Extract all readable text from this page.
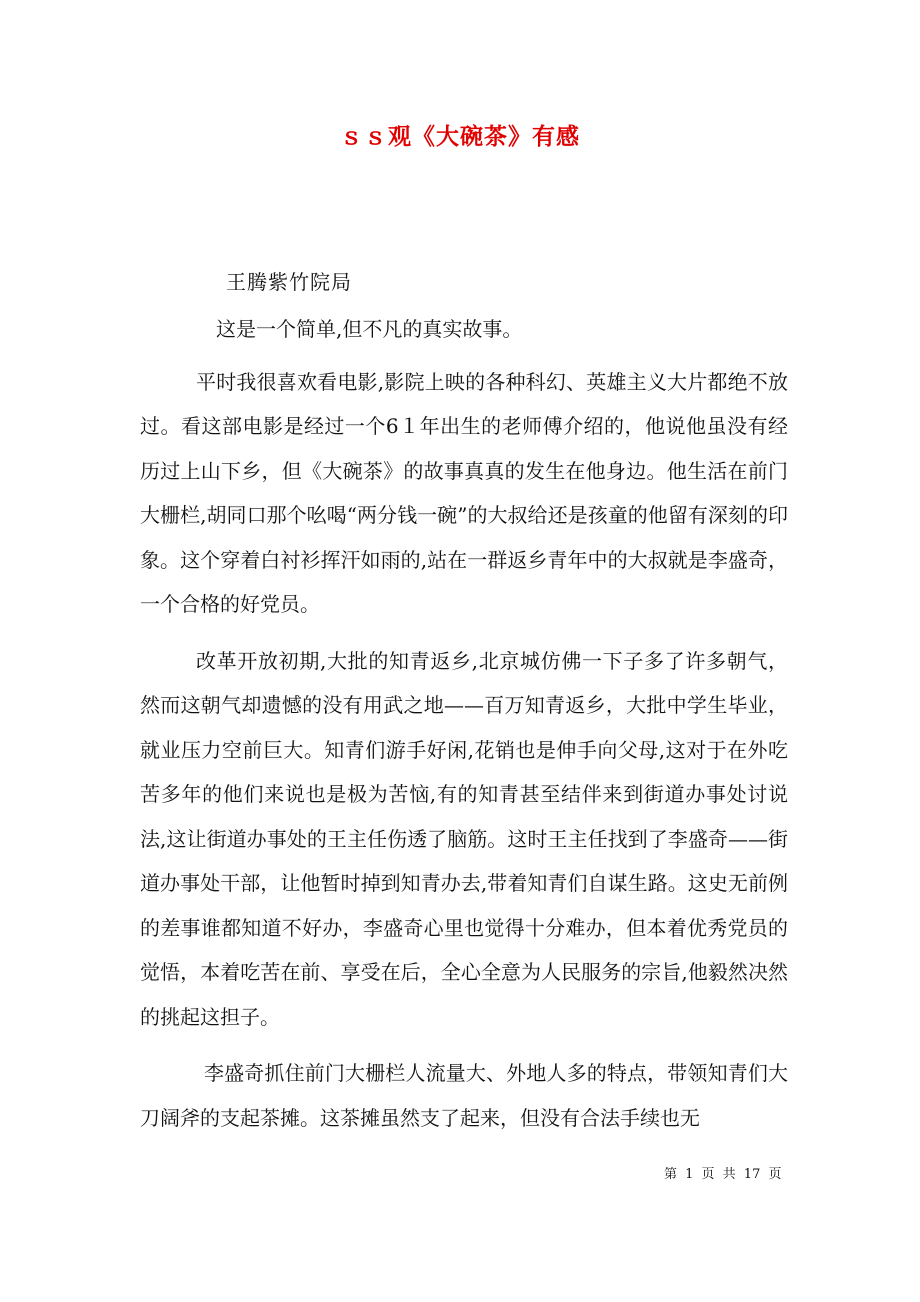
ｓｓ观《大碗茶》有感
王腾紫竹院局

这是一个简单,但不凡的真实故事。

平时我很喜欢看电影,影院上映的各种科幻、英雄主义大片都绝不放过。看这部电影是经过一个6１年出生的老师傅介绍的，他说他虽没有经历过上山下乡，但《大碗茶》的故事真真的发生在他身边。他生活在前门大栅栏,胡同口那个吆喝“两分钱一碗”的大叔给还是孩童的他留有深刻的印象。这个穿着白衬衫挥汗如雨的,站在一群返乡青年中的大叔就是李盛奇，一个合格的好党员。

改革开放初期,大批的知青返乡,北京城仿佛一下子多了许多朝气，然而这朝气却遗憾的没有用武之地——百万知青返乡，大批中学生毕业，就业压力空前巨大。知青们游手好闲,花销也是伸手向父母,这对于在外吃苦多年的他们来说也是极为苦恼,有的知青甚至结伴来到街道办事处讨说法,这让街道办事处的王主任伤透了脑筋。这时王主任找到了李盛奇——街道办事处干部，让他暂时掉到知青办去,带着知青们自谋生路。这史无前例的差事谁都知道不好办，李盛奇心里也觉得十分难办，但本着优秀党员的觉悟，本着吃苦在前、享受在后，全心全意为人民服务的宗旨,他毅然决然的挑起这担子。

李盛奇抓住前门大栅栏人流量大、外地人多的特点，带领知青们大刀阔斧的支起茶摊。这茶摊虽然支了起来，但没有合法手续也无

第 1 页 共 17 页
